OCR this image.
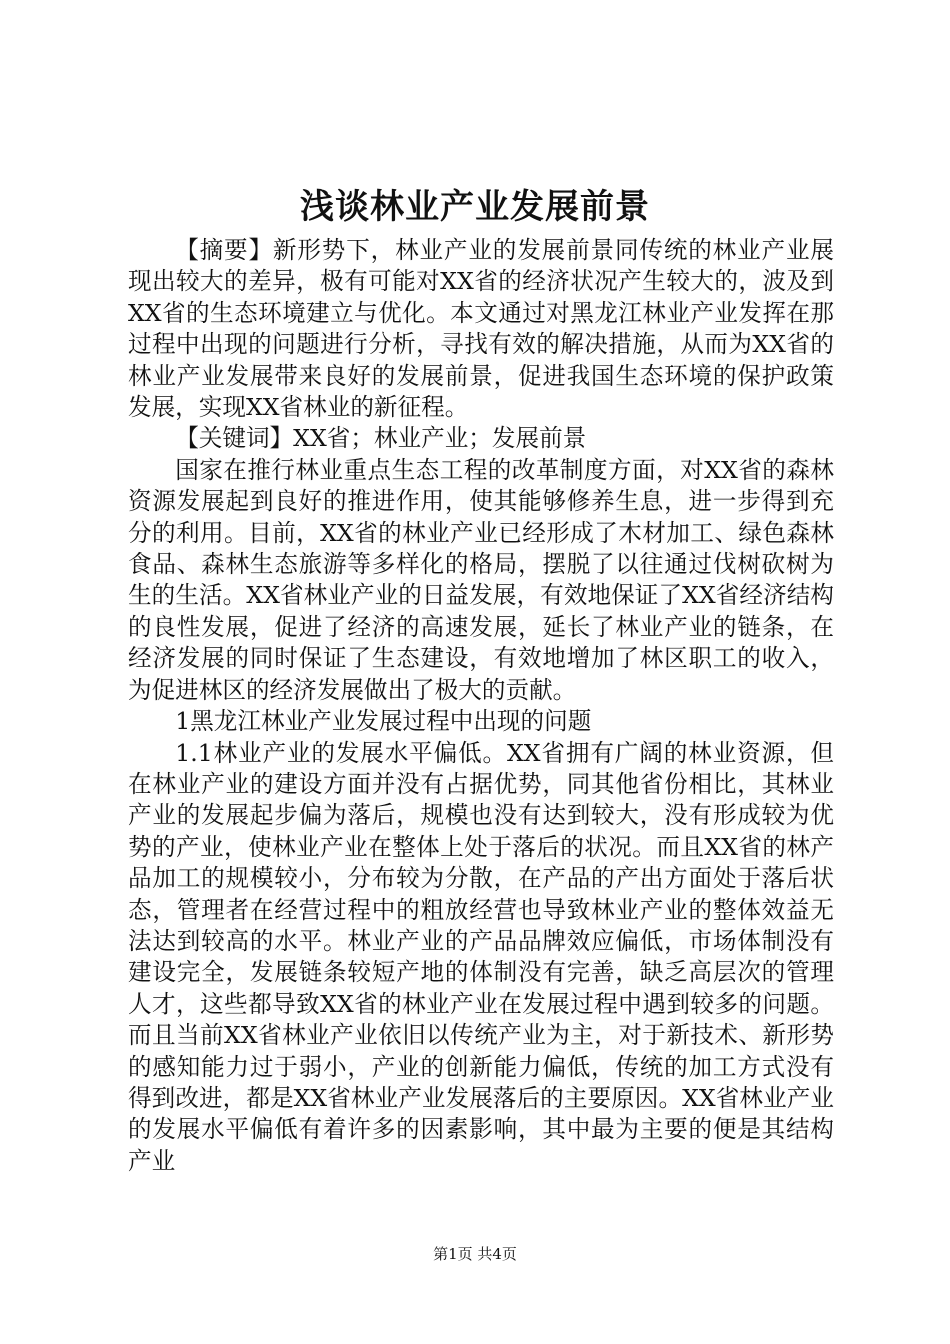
浅谈林业产业发展前景

【摘要】新形势下，林业产业的发展前景同传统的林业产业展现出较大的差异，极有可能对XX省的经济状况产生较大的，波及到XX省的生态环境建立与优化。本文通过对黑龙江林业产业发挥在那过程中出现的问题进行分析，寻找有效的解决措施，从而为XX省的林业产业发展带来良好的发展前景，促进我国生态环境的保护政策发展，实现XX省林业的新征程。

【关键词】XX省；林业产业；发展前景

国家在推行林业重点生态工程的改革制度方面，对XX省的森林资源发展起到良好的推进作用，使其能够修养生息，进一步得到充分的利用。目前，XX省的林业产业已经形成了木材加工、绿色森林食品、森林生态旅游等多样化的格局，摆脱了以往通过伐树砍树为生的生活。XX省林业产业的日益发展，有效地保证了XX省经济结构的良性发展，促进了经济的高速发展，延长了林业产业的链条，在经济发展的同时保证了生态建设，有效地增加了林区职工的收入，为促进林区的经济发展做出了极大的贡献。

1黑龙江林业产业发展过程中出现的问题

1.1林业产业的发展水平偏低。XX省拥有广阔的林业资源，但在林业产业的建设方面并没有占据优势，同其他省份相比，其林业产业的发展起步偏为落后，规模也没有达到较大，没有形成较为优势的产业，使林业产业在整体上处于落后的状况。而且XX省的林产品加工的规模较小，分布较为分散，在产品的产出方面处于落后状态，管理者在经营过程中的粗放经营也导致林业产业的整体效益无法达到较高的水平。林业产业的产品品牌效应偏低，市场体制没有建设完全，发展链条较短产地的体制没有完善，缺乏高层次的管理人才，这些都导致XX省的林业产业在发展过程中遇到较多的问题。而且当前XX省林业产业依旧以传统产业为主，对于新技术、新形势的感知能力过于弱小，产业的创新能力偏低，传统的加工方式没有得到改进，都是XX省林业产业发展落后的主要原因。XX省林业产业的发展水平偏低有着许多的因素影响，其中最为主要的便是其结构产业

第1页 共4页
